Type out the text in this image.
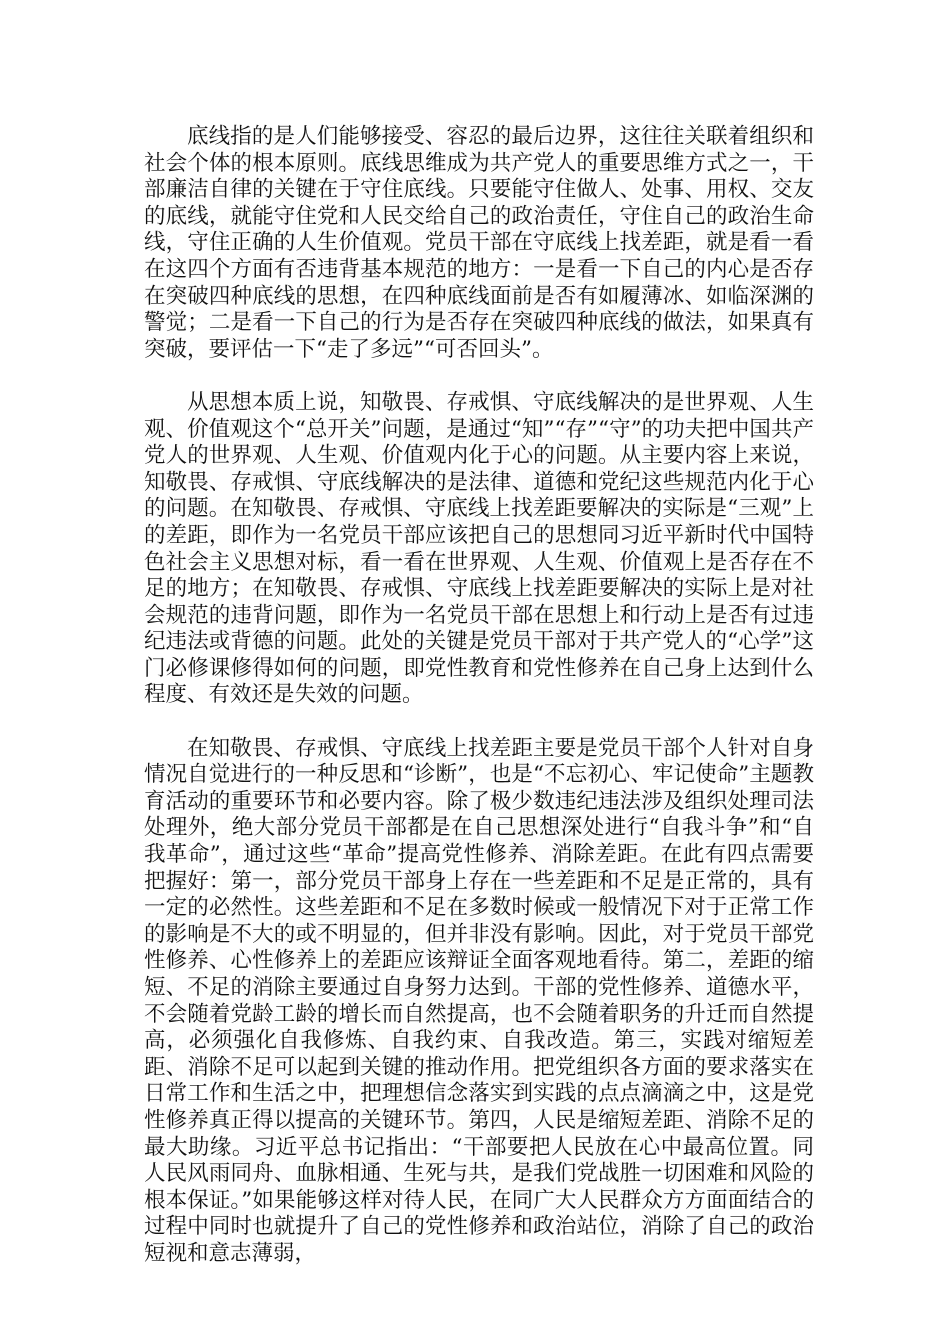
底线指的是人们能够接受、容忍的最后边界，这往往关联着组织和社会个体的根本原则。底线思维成为共产党人的重要思维方式之一，干部廉洁自律的关键在于守住底线。只要能守住做人、处事、用权、交友的底线，就能守住党和人民交给自己的政治责任，守住自己的政治生命线，守住正确的人生价值观。党员干部在守底线上找差距，就是看一看在这四个方面有否违背基本规范的地方：一是看一下自己的内心是否存在突破四种底线的思想，在四种底线面前是否有如履薄冰、如临深渊的警觉；二是看一下自己的行为是否存在突破四种底线的做法，如果真有突破，要评估一下“走了多远”“可否回头”。

从思想本质上说，知敬畏、存戒惧、守底线解决的是世界观、人生观、价值观这个“总开关”问题，是通过“知”“存”“守”的功夫把中国共产党人的世界观、人生观、价值观内化于心的问题。从主要内容上来说，知敬畏、存戒惧、守底线解决的是法律、道德和党纪这些规范内化于心的问题。在知敬畏、存戒惧、守底线上找差距要解决的实际是“三观”上的差距，即作为一名党员干部应该把自己的思想同习近平新时代中国特色社会主义思想对标，看一看在世界观、人生观、价值观上是否存在不足的地方；在知敬畏、存戒惧、守底线上找差距要解决的实际上是对社会规范的违背问题，即作为一名党员干部在思想上和行动上是否有过违纪违法或背德的问题。此处的关键是党员干部对于共产党人的“心学”这门必修课修得如何的问题，即党性教育和党性修养在自己身上达到什么程度、有效还是失效的问题。

在知敬畏、存戒惧、守底线上找差距主要是党员干部个人针对自身情况自觉进行的一种反思和“诊断”，也是“不忘初心、牢记使命”主题教育活动的重要环节和必要内容。除了极少数违纪违法涉及组织处理司法处理外，绝大部分党员干部都是在自己思想深处进行“自我斗争”和“自我革命”，通过这些“革命”提高党性修养、消除差距。在此有四点需要把握好：第一，部分党员干部身上存在一些差距和不足是正常的，具有一定的必然性。这些差距和不足在多数时候或一般情况下对于正常工作的影响是不大的或不明显的，但并非没有影响。因此，对于党员干部党性修养、心性修养上的差距应该辩证全面客观地看待。第二，差距的缩短、不足的消除主要通过自身努力达到。干部的党性修养、道德水平，不会随着党龄工龄的增长而自然提高，也不会随着职务的升迁而自然提高，必须强化自我修炼、自我约束、自我改造。第三，实践对缩短差距、消除不足可以起到关键的推动作用。把党组织各方面的要求落实在日常工作和生活之中，把理想信念落实到实践的点点滴滴之中，这是党性修养真正得以提高的关键环节。第四，人民是缩短差距、消除不足的最大助缘。习近平总书记指出：“干部要把人民放在心中最高位置。同人民风雨同舟、血脉相通、生死与共，是我们党战胜一切困难和风险的根本保证。”如果能够这样对待人民，在同广大人民群众方方面面结合的过程中同时也就提升了自己的党性修养和政治站位，消除了自己的政治短视和意志薄弱，
